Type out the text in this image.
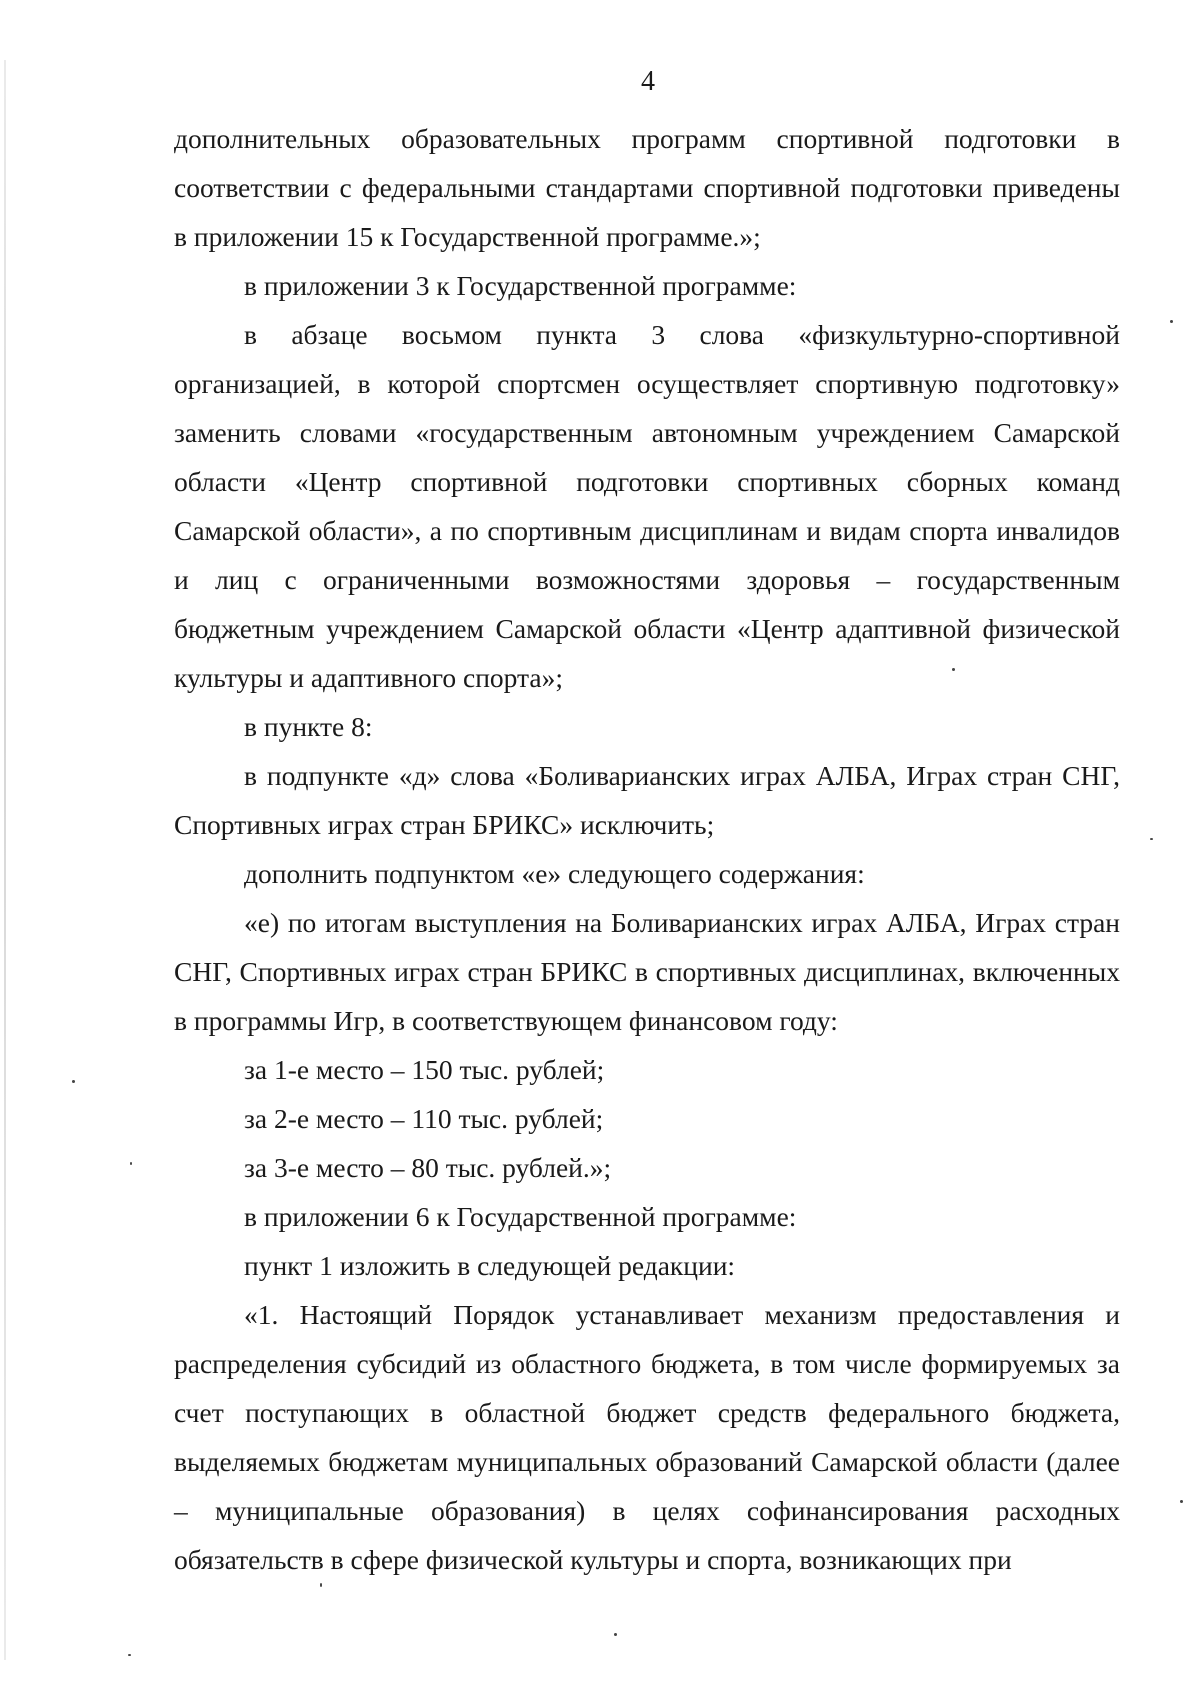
4

дополнительных образовательных программ спортивной подготовки в соответствии с федеральными стандартами спортивной подготовки приведены в приложении 15 к Государственной программе.»;

в приложении 3 к Государственной программе:

в абзаце восьмом пункта 3 слова «физкультурно-спортивной организацией, в которой спортсмен осуществляет спортивную подготовку» заменить словами «государственным автономным учреждением Самарской области «Центр спортивной подготовки спортивных сборных команд Самарской области», а по спортивным дисциплинам и видам спорта инвалидов и лиц с ограниченными возможностями здоровья – государственным бюджетным учреждением Самарской области «Центр адаптивной физической культуры и адаптивного спорта»;

в пункте 8:

в подпункте «д» слова «Боливарианских играх АЛБА, Играх стран СНГ, Спортивных играх стран БРИКС» исключить;

дополнить подпунктом «е» следующего содержания:

«е) по итогам выступления на Боливарианских играх АЛБА, Играх стран СНГ, Спортивных играх стран БРИКС в спортивных дисциплинах, включенных в программы Игр, в соответствующем финансовом году:

за 1-е место – 150 тыс. рублей;

за 2-е место – 110 тыс. рублей;

за 3-е место – 80 тыс. рублей.»;

в приложении 6 к Государственной программе:

пункт 1 изложить в следующей редакции:

«1. Настоящий Порядок устанавливает механизм предоставления и распределения субсидий из областного бюджета, в том числе формируемых за счет поступающих в областной бюджет средств федерального бюджета, выделяемых бюджетам муниципальных образований Самарской области (далее – муниципальные образования) в целях софинансирования расходных обязательств в сфере физической культуры и спорта, возникающих при
